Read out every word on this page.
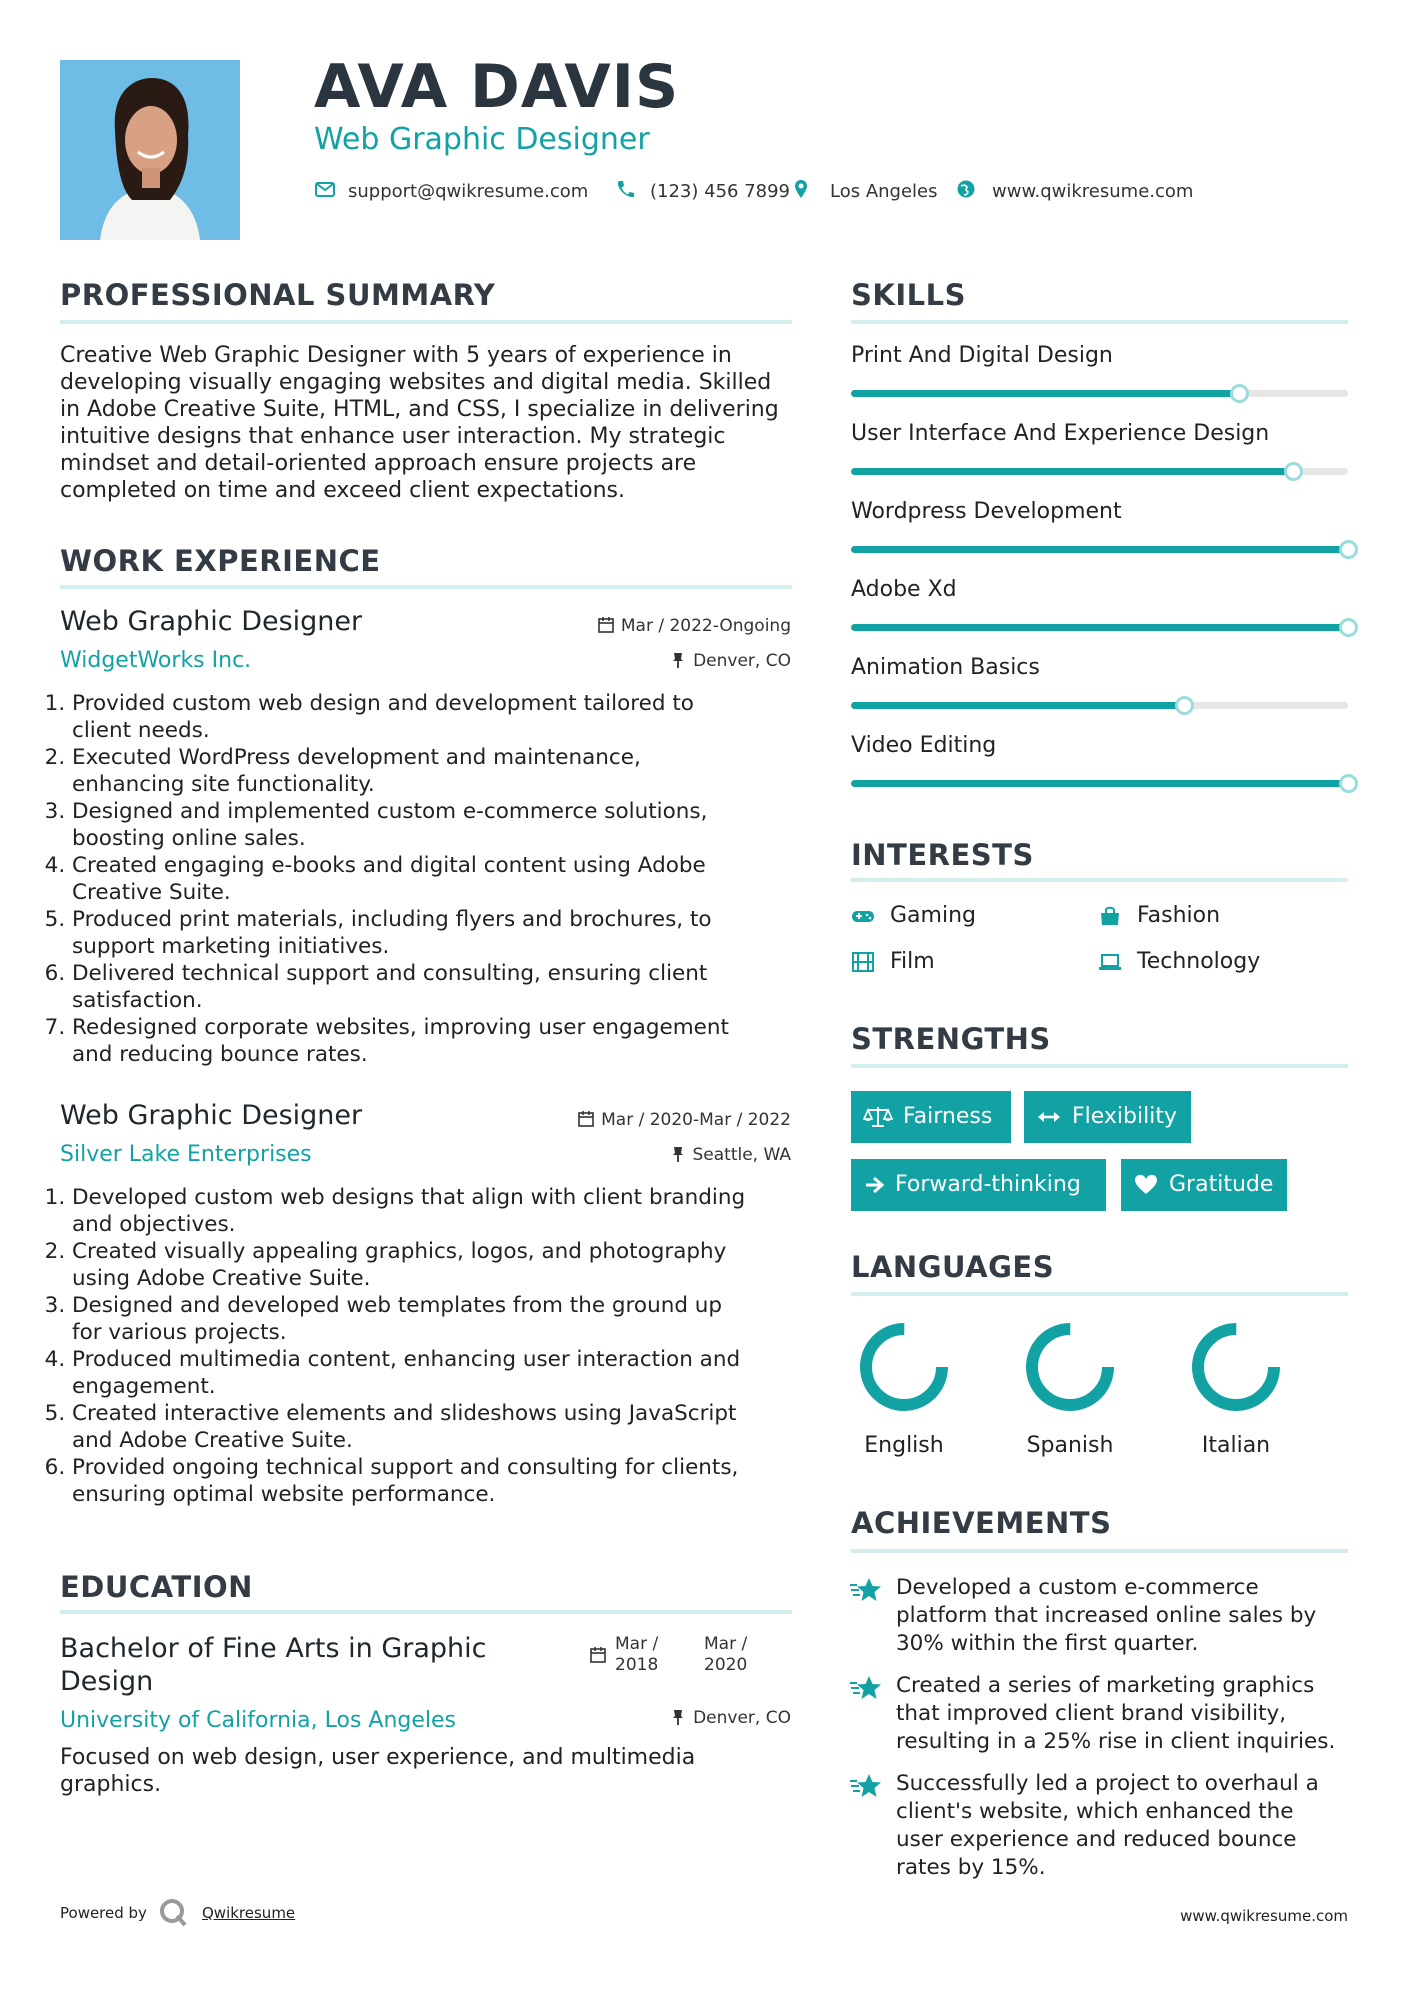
AVA DAVIS
Web Graphic Designer
support@qwikresume.com	(123) 456 7899 Los Angeles	www.qwikresume.com
PROFESSIONAL SUMMARY
Creative Web Graphic Designer with 5 years of experience in
developing visually engaging websites and digital media. Skilled
in Adobe Creative Suite, HTML, and CSS, I specialize in delivering
intuitive designs that enhance user interaction. My strategic
mindset and detail-oriented approach ensure projects are
completed on time and exceed client expectations.
WORK EXPERIENCE
Web Graphic Designer
WidgetWorks Inc.
Mar / 2022-Ongoing
Denver, CO
1. Provided custom web design and development tailored to
client needs.
2. Executed WordPress development and maintenance,
enhancing site functionality.
3. Designed and implemented custom e-commerce solutions,
boosting online sales.
4. Created engaging e-books and digital content using Adobe
Creative Suite.
5. Produced print materials, including flyers and brochures, to
support marketing initiatives.
6. Delivered technical support and consulting, ensuring client
satisfaction.
7. Redesigned corporate websites, improving user engagement
and reducing bounce rates.
Web Graphic Designer
Silver Lake Enterprises
Mar / 2020-Mar / 2022
Seattle, WA
1. Developed custom web designs that align with client branding
and objectives.
2. Created visually appealing graphics, logos, and photography
using Adobe Creative Suite.
3. Designed and developed web templates from the ground up
for various projects.
4. Produced multimedia content, enhancing user interaction and
engagement.
5. Created interactive elements and slideshows using JavaScript
and Adobe Creative Suite.
6. Provided ongoing technical support and consulting for clients,
ensuring optimal website performance.
EDUCATION
Bachelor of Fine Arts in Graphic
Design
University of California, Los Angeles
Mar /
2018
Mar /
2020
Denver, CO
Focused on web design, user experience, and multimedia
graphics.
SKILLS
Print And Digital Design
User Interface And Experience Design
Wordpress Development
Adobe Xd
Animation Basics
Video Editing
INTERESTS
Gaming	Fashion
Film	Technology
STRENGTHS
Fairness	Flexibility
Forward-thinking	Gratitude
LANGUAGES
English	Spanish	Italian
ACHIEVEMENTS
Developed a custom e-commerce
platform that increased online sales by
30% within the first quarter.
Created a series of marketing graphics
that improved client brand visibility,
resulting in a 25% rise in client inquiries.
Successfully led a project to overhaul a
client's website, which enhanced the
user experience and reduced bounce
rates by 15%.
Powered by	Qwikresume	www.qwikresume.com
